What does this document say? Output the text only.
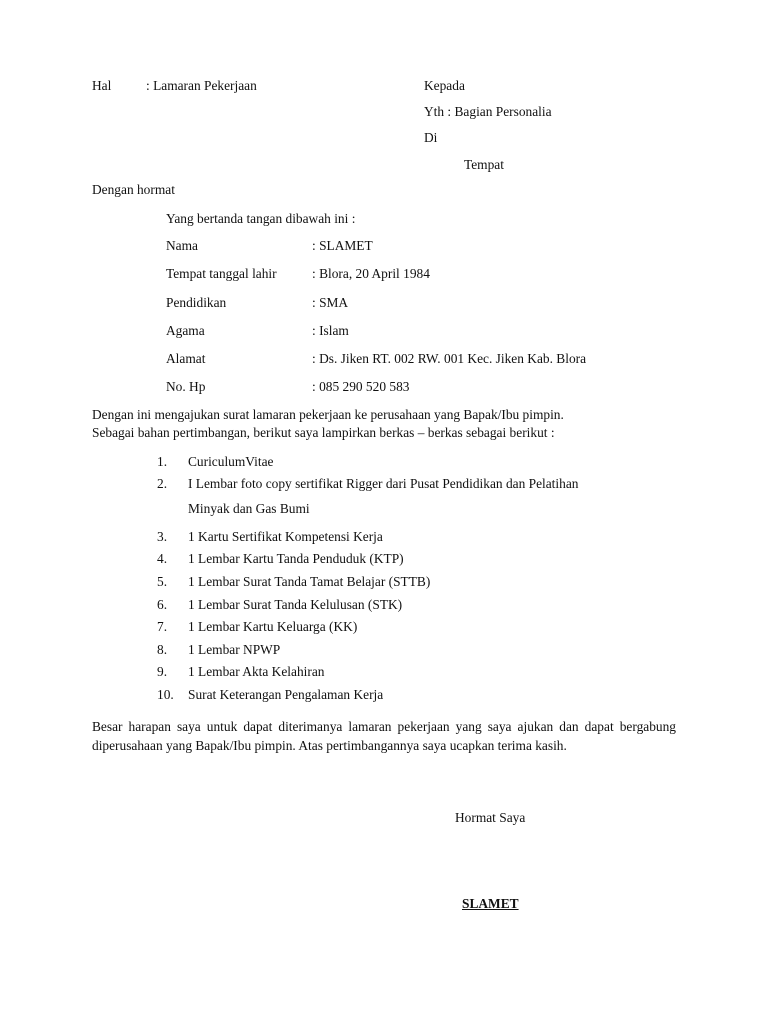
Hal	: Lamaran Pekerjaan	Kepada
Yth : Bagian Personalia
Di
Tempat
Dengan hormat
Yang bertanda tangan dibawah ini :
Nama	: SLAMET
Tempat tanggal lahir	: Blora, 20 April 1984
Pendidikan	: SMA
Agama	: Islam
Alamat	: Ds. Jiken RT. 002 RW. 001 Kec. Jiken Kab. Blora
No. Hp	: 085 290 520 583
Dengan ini mengajukan surat lamaran pekerjaan ke perusahaan yang Bapak/Ibu pimpin.
Sebagai bahan pertimbangan, berikut saya lampirkan berkas – berkas sebagai berikut :
1.	CuriculumVitae
2.	I Lembar foto copy sertifikat Rigger dari Pusat Pendidikan dan Pelatihan
Minyak dan Gas Bumi
3.	1 Kartu Sertifikat Kompetensi Kerja
4.	1 Lembar Kartu Tanda Penduduk (KTP)
5.	1 Lembar Surat Tanda Tamat Belajar (STTB)
6.	1 Lembar Surat Tanda Kelulusan (STK)
7.	1 Lembar Kartu Keluarga (KK)
8.	1 Lembar NPWP
9.	1 Lembar Akta Kelahiran
10.	Surat Keterangan Pengalaman Kerja
Besar harapan saya untuk dapat diterimanya lamaran pekerjaan yang saya ajukan dan dapat bergabung diperusahaan yang Bapak/Ibu pimpin. Atas pertimbangannya saya ucapkan terima kasih.
Hormat Saya
SLAMET
